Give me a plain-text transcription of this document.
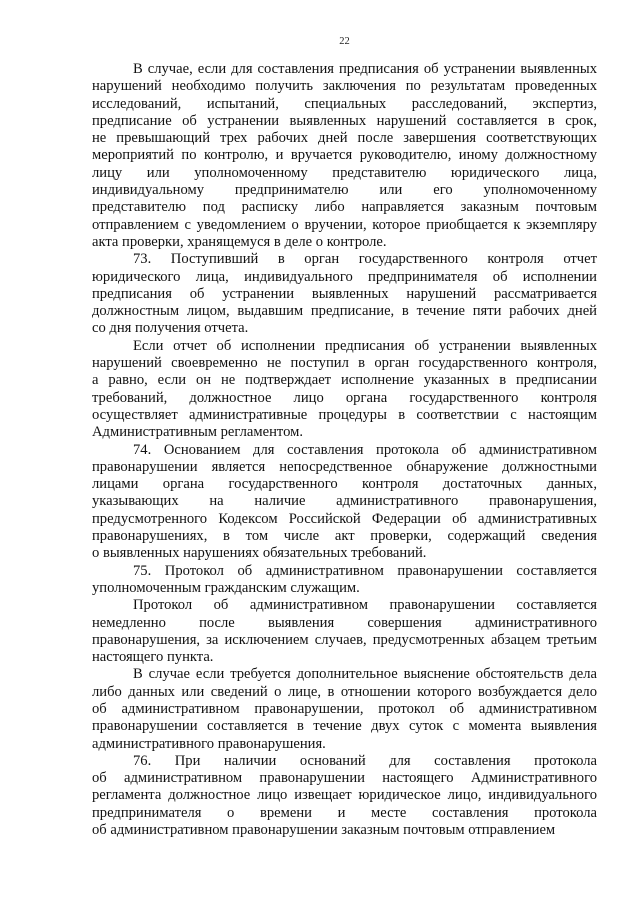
22
В случае, если для составления предписания об устранении выявленных
нарушений необходимо получить заключения по результатам проведенных
исследований, испытаний, специальных расследований, экспертиз,
предписание об устранении выявленных нарушений составляется в срок,
не превышающий трех рабочих дней после завершения соответствующих
мероприятий по контролю, и вручается руководителю, иному должностному
лицу или уполномоченному представителю юридического лица,
индивидуальному предпринимателю или его уполномоченному
представителю под расписку либо направляется заказным почтовым
отправлением с уведомлением о вручении, которое приобщается к экземпляру
акта проверки, хранящемуся в деле о контроле.
73. Поступивший в орган государственного контроля отчет
юридического лица, индивидуального предпринимателя об исполнении
предписания об устранении выявленных нарушений рассматривается
должностным лицом, выдавшим предписание, в течение пяти рабочих дней
со дня получения отчета.
Если отчет об исполнении предписания об устранении выявленных
нарушений своевременно не поступил в орган государственного контроля,
а равно, если он не подтверждает исполнение указанных в предписании
требований, должностное лицо органа государственного контроля
осуществляет административные процедуры в соответствии с настоящим
Административным регламентом.
74. Основанием для составления протокола об административном
правонарушении является непосредственное обнаружение должностными
лицами органа государственного контроля достаточных данных,
указывающих на наличие административного правонарушения,
предусмотренного Кодексом Российской Федерации об административных
правонарушениях, в том числе акт проверки, содержащий сведения
о выявленных нарушениях обязательных требований.
75. Протокол об административном правонарушении составляется
уполномоченным гражданским служащим.
Протокол об административном правонарушении составляется
немедленно после выявления совершения административного
правонарушения, за исключением случаев, предусмотренных абзацем третьим
настоящего пункта.
В случае если требуется дополнительное выяснение обстоятельств дела
либо данных или сведений о лице, в отношении которого возбуждается дело
об административном правонарушении, протокол об административном
правонарушении составляется в течение двух суток с момента выявления
административного правонарушения.
76. При наличии оснований для составления протокола
об административном правонарушении настоящего Административного
регламента должностное лицо извещает юридическое лицо, индивидуального
предпринимателя о времени и месте составления протокола
об административном правонарушении заказным почтовым отправлением
